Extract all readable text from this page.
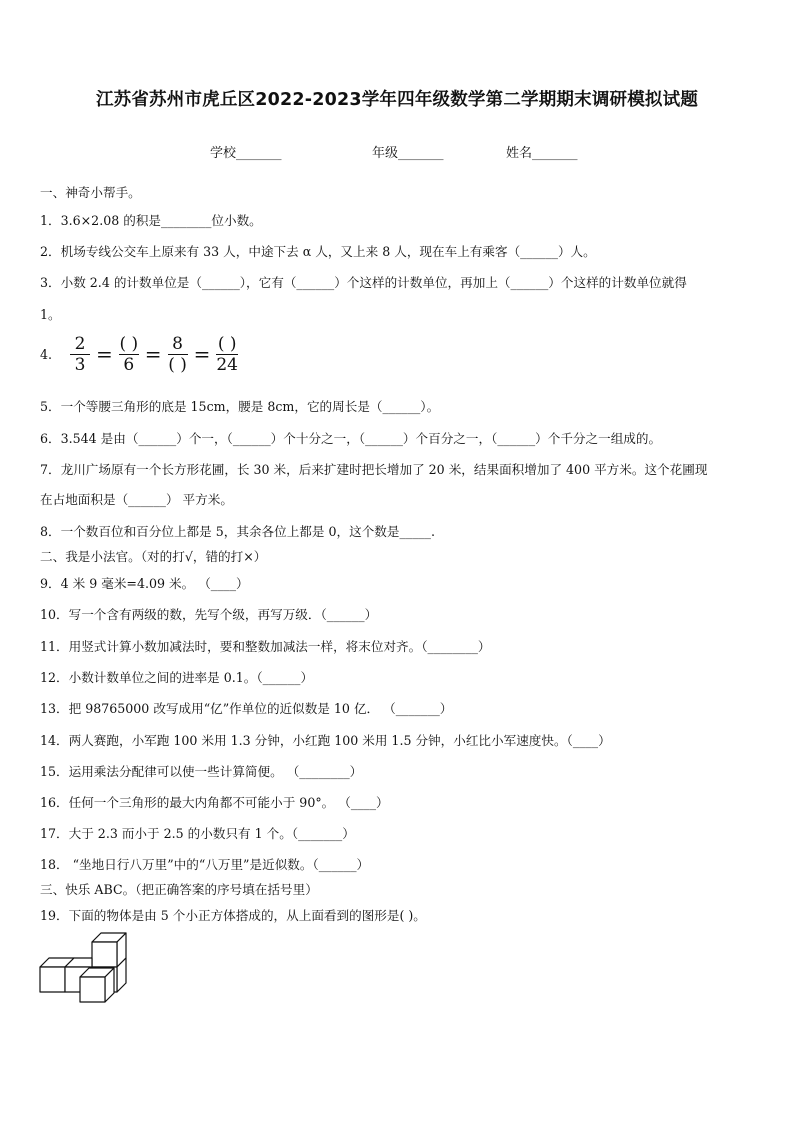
江苏省苏州市虎丘区2022-2023学年四年级数学第二学期期末调研模拟试题
学校_______	年级_______	姓名_______
一、神奇小帮手。
1．3.6×2.08 的积是________位小数。
2．机场专线公交车上原来有 33 人，中途下去 α 人，又上来 8 人，现在车上有乘客（______）人。
3．小数 2.4 的计数单位是（______），它有（______）个这样的计数单位，再加上（______）个这样的计数单位就得
1。
4. $\frac{2}{3} = \frac{( )}{6} = \frac{8}{( )} = \frac{( )}{24}$
5．一个等腰三角形的底是 15cm，腰是 8cm，它的周长是（______）。
6．3.544 是由（______）个一，（______）个十分之一，（______）个百分之一，（______）个千分之一组成的。
7．龙川广场原有一个长方形花圃，长 30 米，后来扩建时把长增加了 20 米，结果面积增加了 400 平方米。这个花圃现
在占地面积是（______） 平方米。
8．一个数百位和百分位上都是 5，其余各位上都是 0，这个数是_____.
二、我是小法官。（对的打√，错的打×）
9．4 米 9 毫米=4.09 米。 （____）
10．写一个含有两级的数，先写个级，再写万级．（______）
11．用竖式计算小数加减法时，要和整数加减法一样，将末位对齐。（________）
12．小数计数单位之间的进率是 0.1。（______）
13．把 98765000 改写成用“亿”作单位的近似数是 10 亿． （_______）
14．两人赛跑，小军跑 100 米用 1.3 分钟，小红跑 100 米用 1.5 分钟，小红比小军速度快。（____）
15．运用乘法分配律可以使一些计算简便。 （________）
16．任何一个三角形的最大内角都不可能小于 90°。 （____）
17．大于 2.3 而小于 2.5 的小数只有 1 个。（_______）
18． “坐地日行八万里”中的“八万里”是近似数。（______）
三、快乐 ABC。（把正确答案的序号填在括号里）
19．下面的物体是由 5 个小正方体搭成的，从上面看到的图形是( )。
